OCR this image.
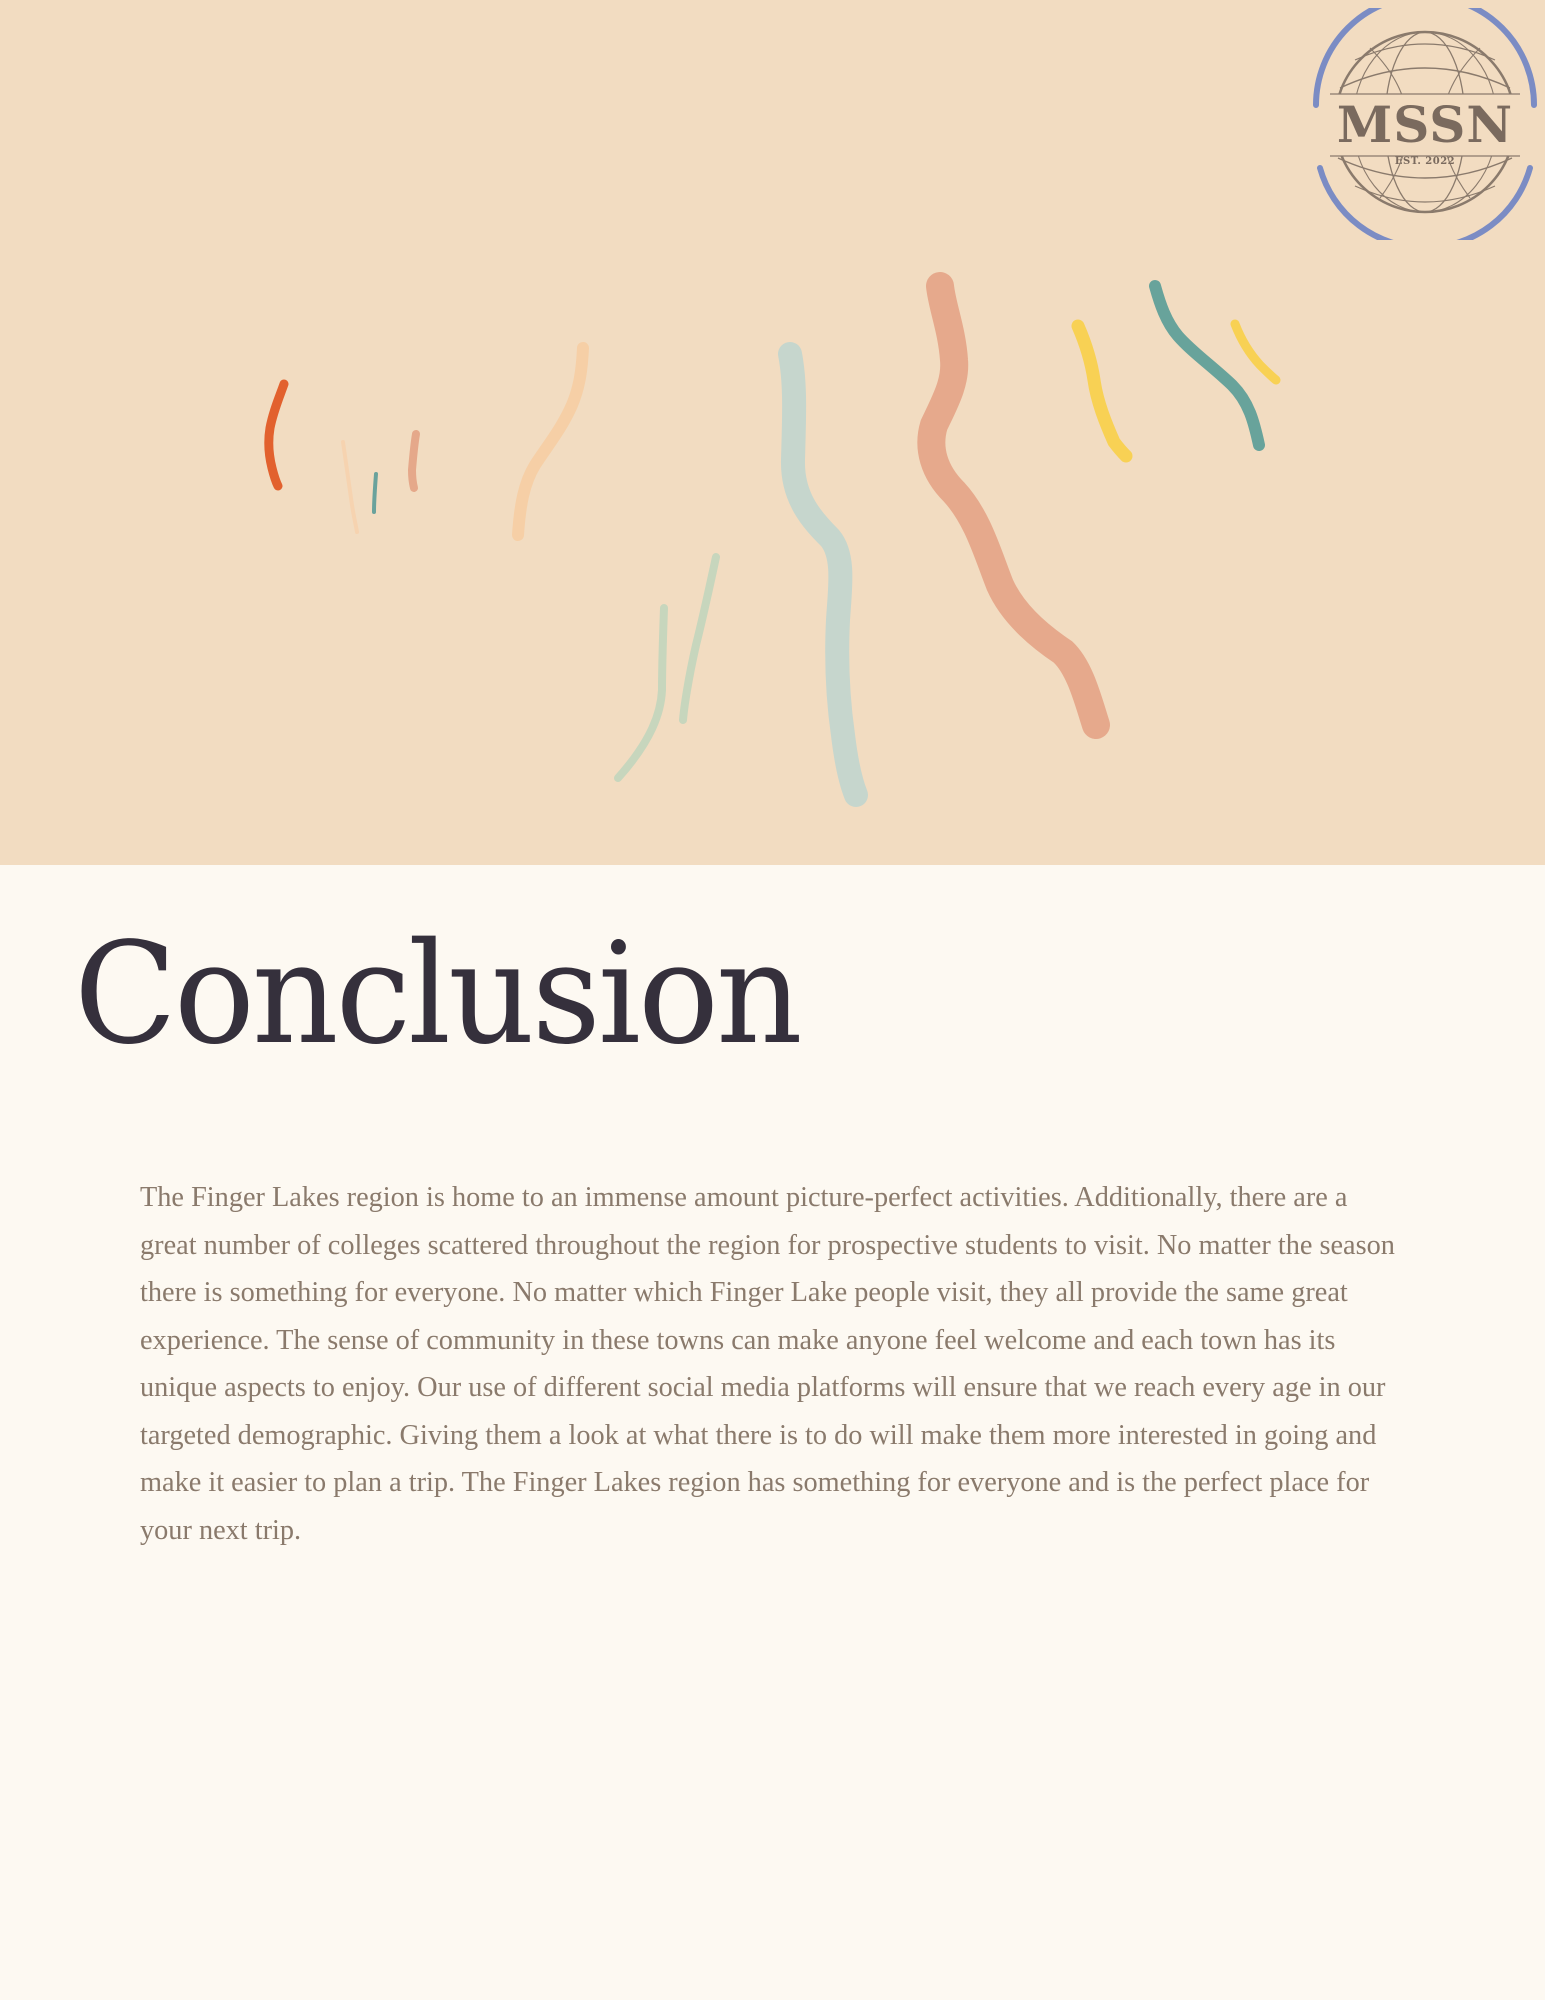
MSSN
EST. 2022
Conclusion

The Finger Lakes region is home to an immense amount picture-perfect activities. Additionally, there are a great number of colleges scattered throughout the region for prospective students to visit. No matter the season there is something for everyone. No matter which Finger Lake people visit, they all provide the same great experience. The sense of community in these towns can make anyone feel welcome and each town has its unique aspects to enjoy. Our use of different social media platforms will ensure that we reach every age in our targeted demographic. Giving them a look at what there is to do will make them more interested in going and make it easier to plan a trip. The Finger Lakes region has something for everyone and is the perfect place for your next trip.
